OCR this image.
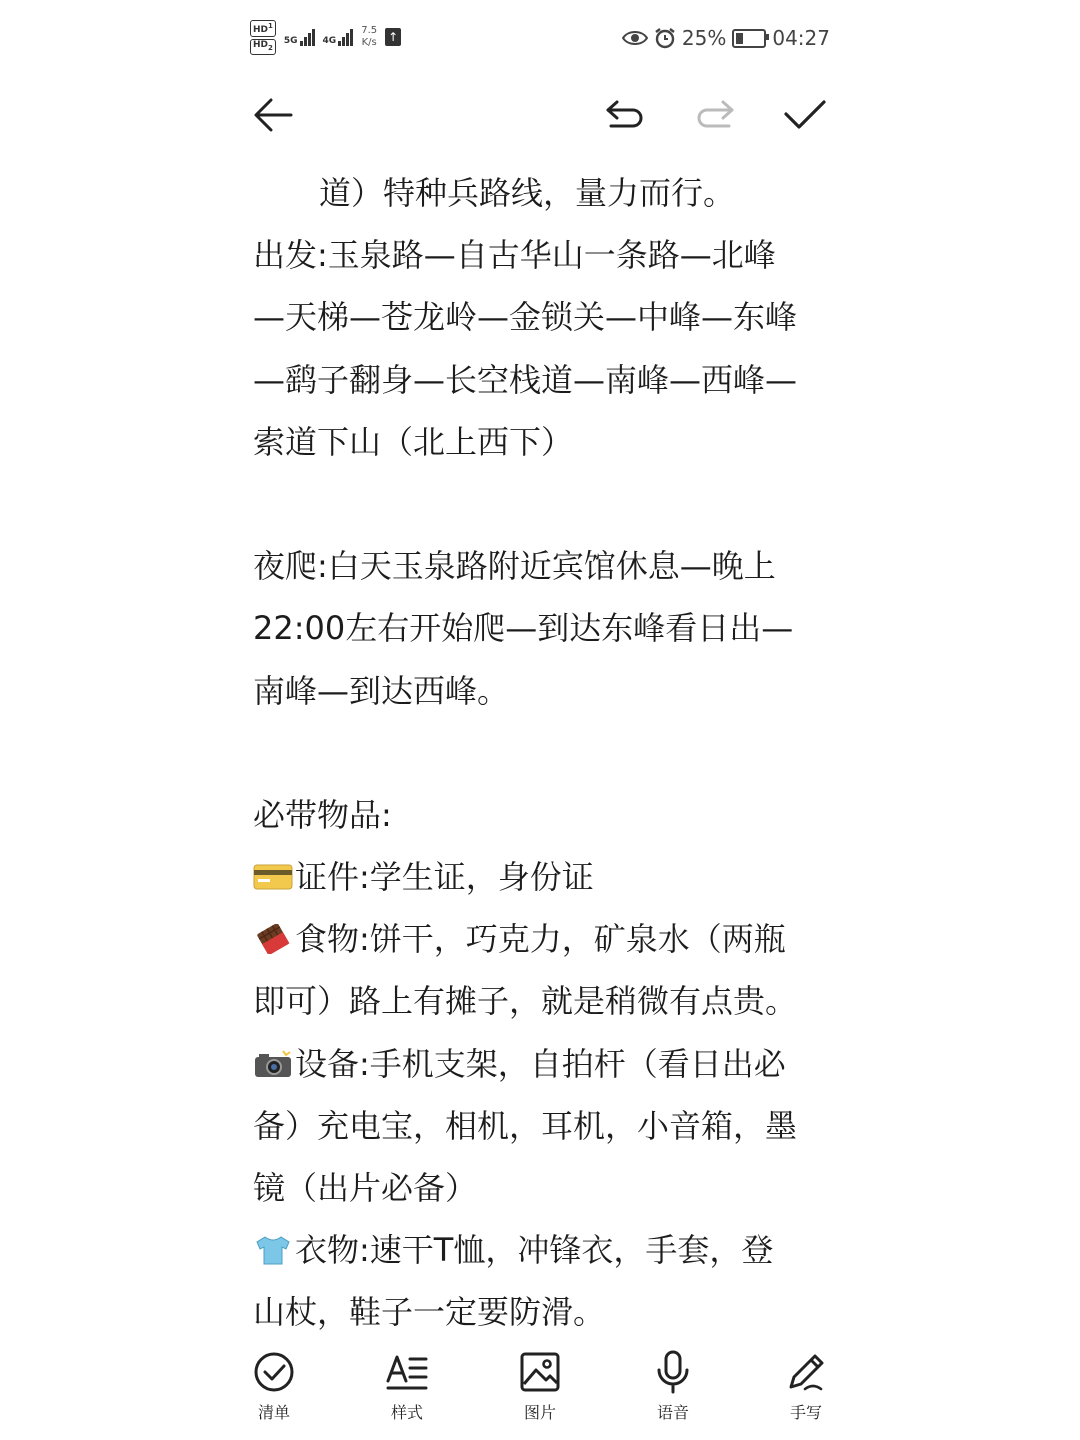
$HD^1$
$HD_2$
5G	4G
7.5
K/s ↑	25% 04:27
道）特种兵路线，量力而行。
出发:玉泉路—自古华山一条路—北峰
—天梯—苍龙岭—金锁关—中峰—东峰
—鹞子翻身—长空栈道—南峰—西峰—
索道下山（北上西下）
夜爬:白天玉泉路附近宾馆休息—晚上
22:00左右开始爬—到达东峰看日出—
南峰—到达西峰。
必带物品:
证件:学生证，身份证
食物:饼干，巧克力，矿泉水（两瓶
即可）路上有摊子，就是稍微有点贵。
设备:手机支架，自拍杆（看日出必
备）充电宝，相机，耳机，小音箱，墨
镜（出片必备）
衣物:速干T恤，冲锋衣，手套，登
山杖，鞋子一定要防滑。
清单	样式	图片	语音	手写
